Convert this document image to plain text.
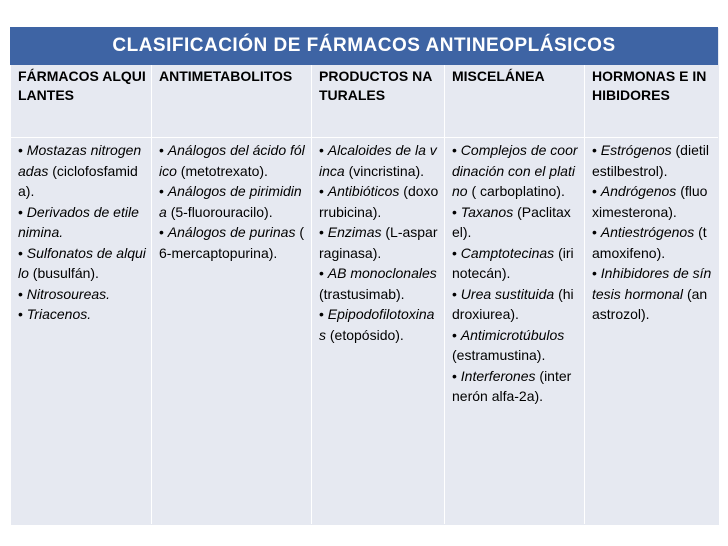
CLASIFICACIÓN DE FÁRMACOS ANTINEOPLÁSICOS
FÁRMACOS ALQUILANTES
ANTIMETABOLITOS	PRODUCTOS NATURALES
MISCELÁNEA	HORMONAS E INHIBIDORES

• Mostazas nitrogenadas (ciclofosfamida).

• Derivados de etilenimina.

• Sulfonatos de alquilo (busulfán).

• Nitrosoureas.

• Triacenos.

• Análogos del ácido fólico (metotrexato).

• Análogos de pirimidina (5-fluorouracilo).

• Análogos de purinas ( 6-mercaptopurina).

• Alcaloides de la vinca (vincristina).

• Antibióticos (doxorrubicina).

• Enzimas (L-asparraginasa).

• AB monoclonales (trastusimab).

• Epipodofilotoxinas (etopósido).

• Complejos de coordinación con el platino ( carboplatino).

• Taxanos (Paclitaxel).

• Camptotecinas (irinotecán).

• Urea sustituida (hidroxiurea).

• Antimicrotúbulos (estramustina).

• Interferones (internerón alfa-2a).

• Estrógenos (dietilestilbestrol).

• Andrógenos (fluoximesterona).

• Antiestrógenos (tamoxifeno).

• Inhibidores de síntesis hormonal (anastrozol).
